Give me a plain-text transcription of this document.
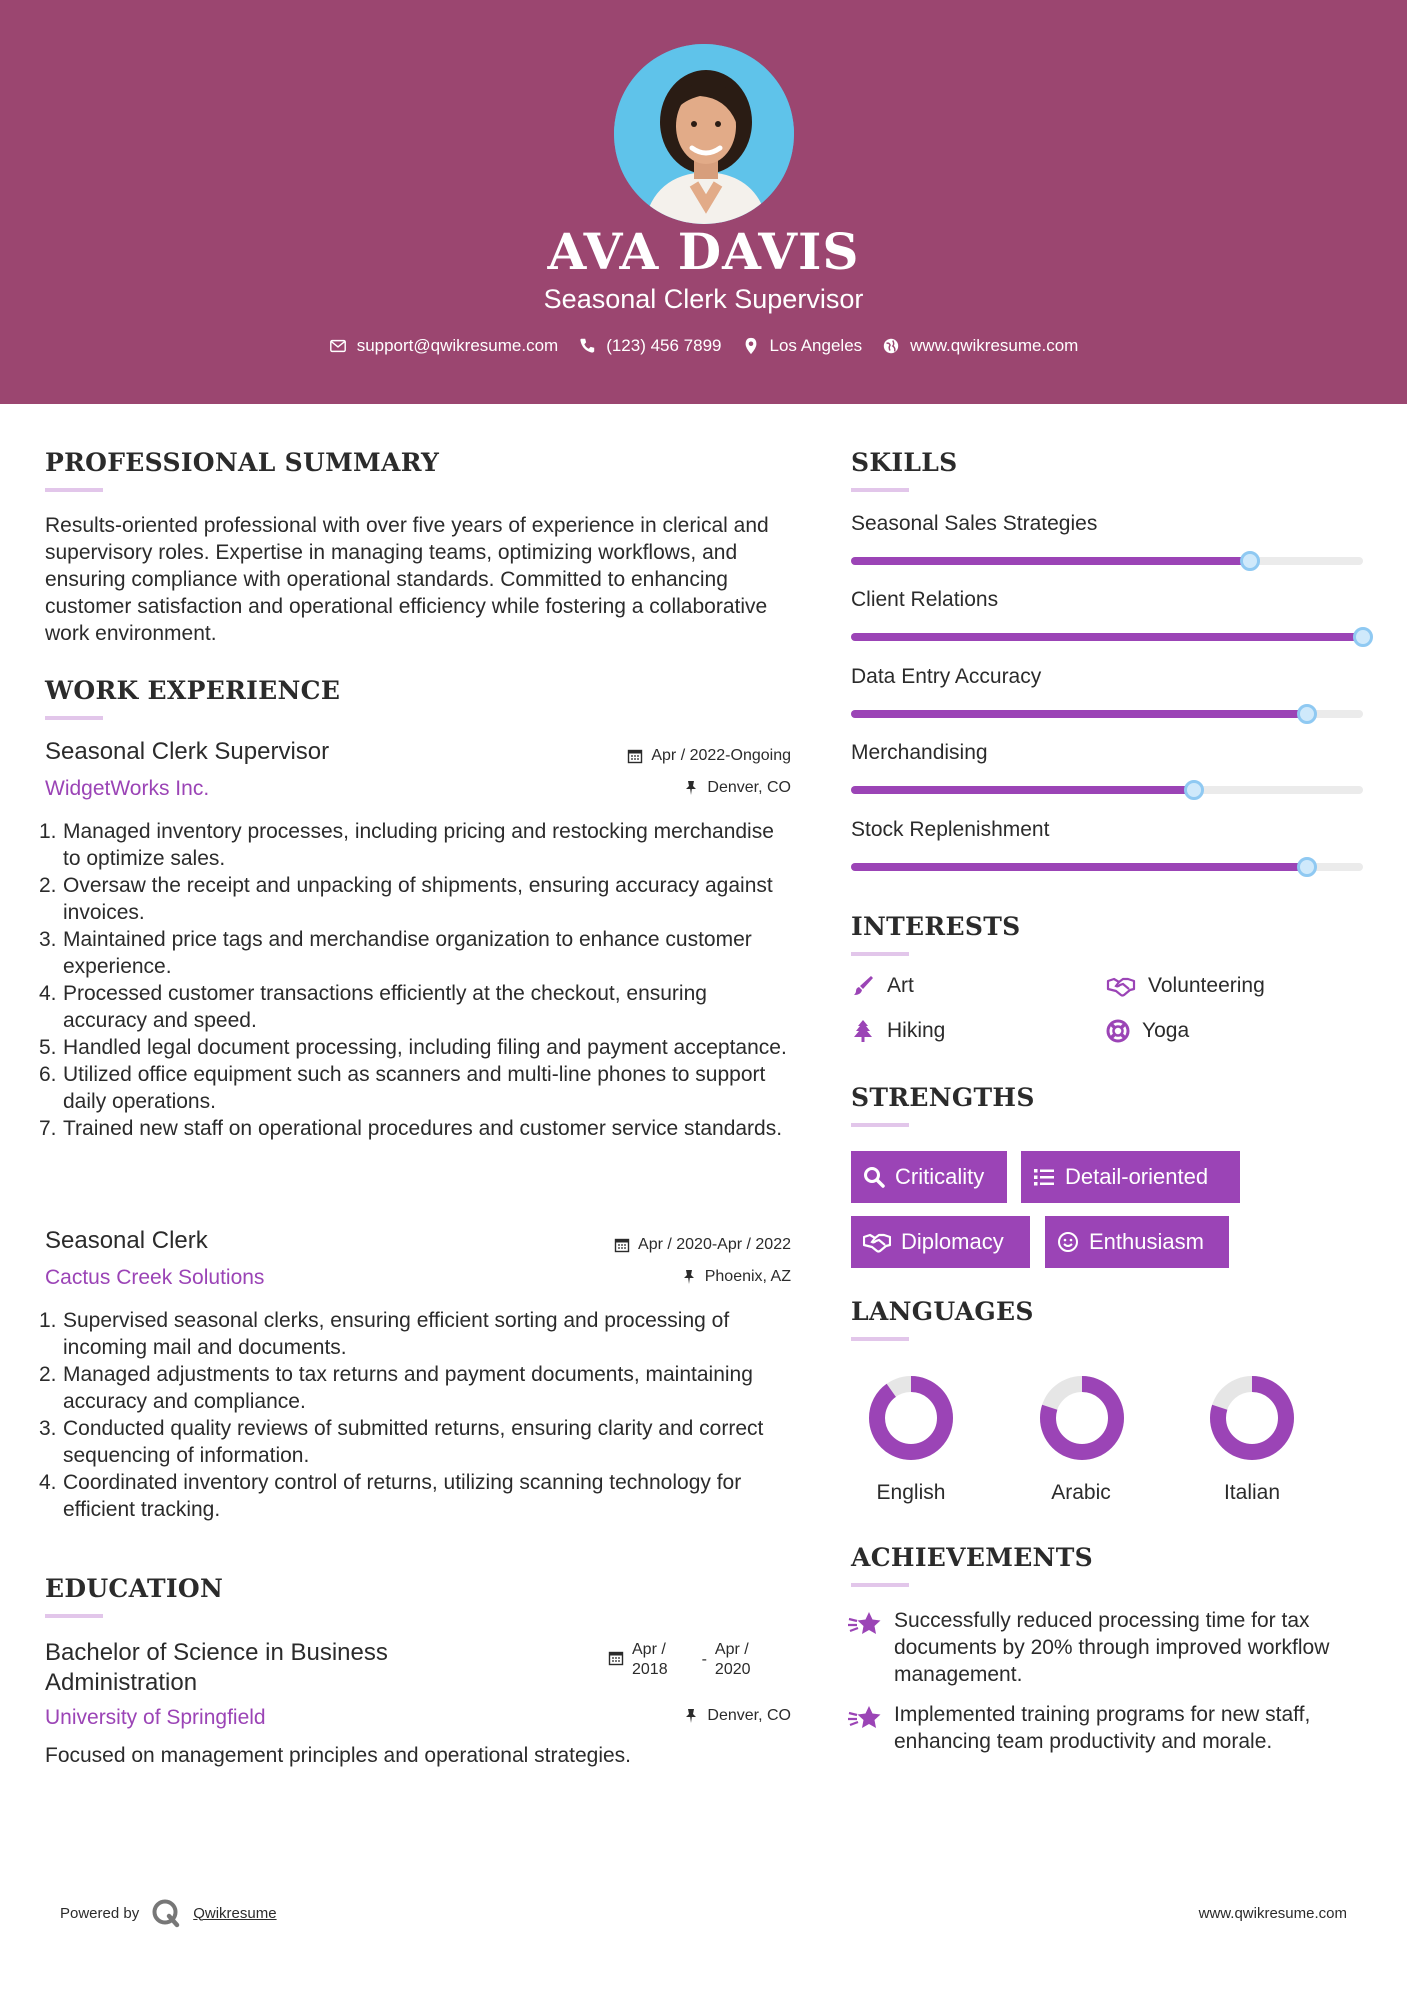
AVA DAVIS
Seasonal Clerk Supervisor
support@qwikresume.com	(123) 456 7899	Los Angeles	www.qwikresume.com
PROFESSIONAL SUMMARY
Results-oriented professional with over five years of experience in clerical and supervisory roles. Expertise in managing teams, optimizing workflows, and ensuring compliance with operational standards. Committed to enhancing customer satisfaction and operational efficiency while fostering a collaborative work environment.
WORK EXPERIENCE
Seasonal Clerk Supervisor	Apr / 2022-Ongoing
WidgetWorks Inc.	Denver, CO
1. Managed inventory processes, including pricing and restocking merchandise to optimize sales.
2. Oversaw the receipt and unpacking of shipments, ensuring accuracy against invoices.
3. Maintained price tags and merchandise organization to enhance customer experience.
4. Processed customer transactions efficiently at the checkout, ensuring accuracy and speed.
5. Handled legal document processing, including filing and payment acceptance.
6. Utilized office equipment such as scanners and multi-line phones to support daily operations.
7. Trained new staff on operational procedures and customer service standards.
Seasonal Clerk	Apr / 2020-Apr / 2022
Cactus Creek Solutions	Phoenix, AZ
1. Supervised seasonal clerks, ensuring efficient sorting and processing of incoming mail and documents.
2. Managed adjustments to tax returns and payment documents, maintaining accuracy and compliance.
3. Conducted quality reviews of submitted returns, ensuring clarity and correct sequencing of information.
4. Coordinated inventory control of returns, utilizing scanning technology for efficient tracking.
EDUCATION
Bachelor of Science in Business
Administration
Apr /
2018
-
Apr /
2020
University of Springfield	Denver, CO
Focused on management principles and operational strategies.
SKILLS
Seasonal Sales Strategies
Client Relations
Data Entry Accuracy
Merchandising
Stock Replenishment
INTERESTS
Art	Volunteering
Hiking	Yoga
STRENGTHS
Criticality	Detail-oriented
Diplomacy	Enthusiasm
LANGUAGES
English	Arabic	Italian
ACHIEVEMENTS
Successfully reduced processing time for tax documents by 20% through improved workflow management.
Implemented training programs for new staff, enhancing team productivity and morale.
Powered by	Qwikresume	www.qwikresume.com
